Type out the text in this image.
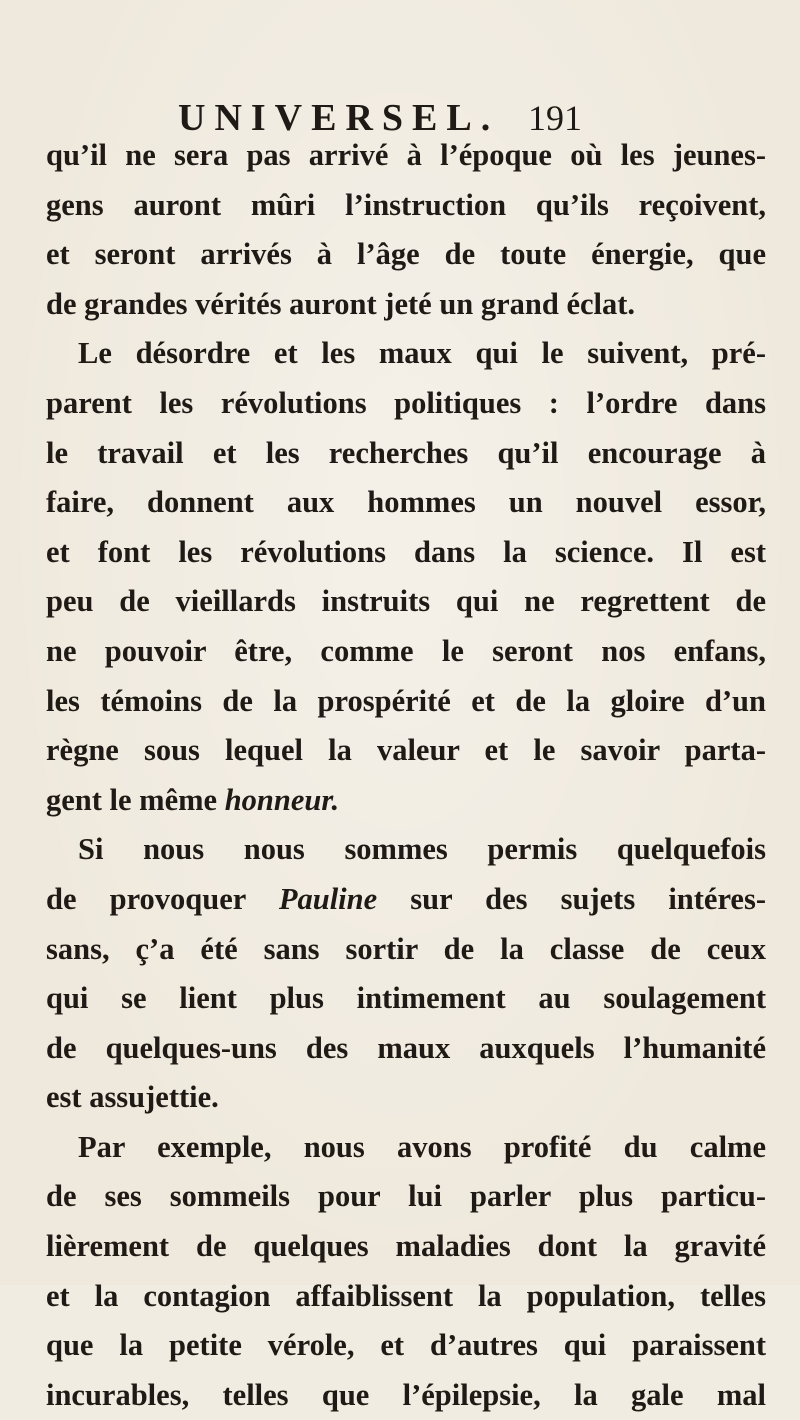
UNIVERSEL. 191
qu’il ne sera pas arrivé à l’époque où les jeunes-
gens auront mûri l’instruction qu’ils reçoivent,
et seront arrivés à l’âge de toute énergie, que
de grandes vérités auront jeté un grand éclat.
Le désordre et les maux qui le suivent, pré-
parent les révolutions politiques : l’ordre dans
le travail et les recherches qu’il encourage à
faire, donnent aux hommes un nouvel essor,
et font les révolutions dans la science. Il est
peu de vieillards instruits qui ne regrettent de
ne pouvoir être, comme le seront nos enfans,
les témoins de la prospérité et de la gloire d’un
règne sous lequel la valeur et le savoir parta-
gent le même honneur.
Si nous nous sommes permis quelquefois
de provoquer Pauline sur des sujets intéres-
sans, ç’a été sans sortir de la classe de ceux
qui se lient plus intimement au soulagement
de quelques-uns des maux auxquels l’humanité
est assujettie.
Par exemple, nous avons profité du calme
de ses sommeils pour lui parler plus particu-
lièrement de quelques maladies dont la gravité
et la contagion affaiblissent la population, telles
que la petite vérole, et d’autres qui paraissent
incurables, telles que l’épilepsie, la gale mal
